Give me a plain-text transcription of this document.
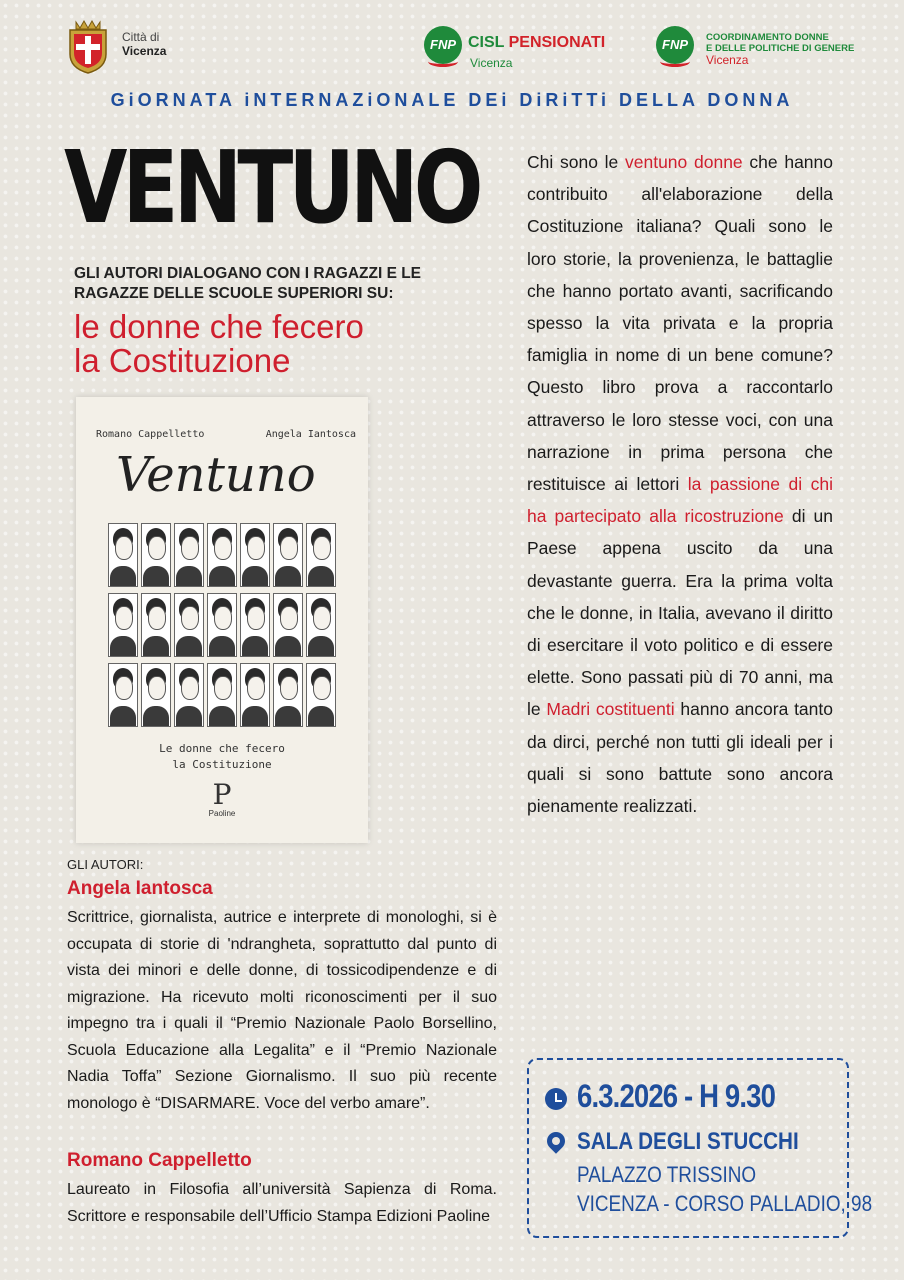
Città di
Vicenza	FNP CISL PENSIONATI
Vicenza
FNP	COORDINAMENTO DONNE
E DELLE POLITICHE DI GENERE
Vicenza
GiORNATA iNTERNAZiONALE DEi DiRiTTi DELLA DONNA
VENTUNO
GLI AUTORI DIALOGANO CON I RAGAZZI E LE RAGAZZE DELLE SCUOLE SUPERIORI SU:
le donne che fecero
la Costituzione
Romano Cappelletto	Angela Iantosca
Ventuno
Le donne che fecero
la Costituzione
P
Paoline
Chi sono le ventuno donne che hanno contribuito all'elaborazione della Costituzione italiana? Quali sono le loro storie, la provenienza, le battaglie che hanno portato avanti, sacrificando spesso la vita privata e la propria famiglia in nome di un bene comune? Questo libro prova a raccontarlo attraverso le loro stesse voci, con una narrazione in prima persona che restituisce ai lettori la passione di chi ha partecipato alla ricostruzione di un Paese appena uscito da una devastante guerra. Era la prima volta che le donne, in Italia, avevano il diritto di esercitare il voto politico e di essere elette. Sono passati più di 70 anni, ma le Madri costituenti hanno ancora tanto da dirci, perché non tutti gli ideali per i quali si sono battute sono ancora pienamente realizzati.
GLI AUTORI:
Angela Iantosca
Scrittrice, giornalista, autrice e interprete di monologhi, si è occupata di storie di 'ndrangheta, soprattutto dal punto di vista dei minori e delle donne, di tossicodipendenze e di migrazione. Ha ricevuto molti riconoscimenti per il suo impegno tra i quali il “Premio Nazionale Paolo Borsellino, Scuola Educazione alla Legalita” e il “Premio Nazionale Nadia Toffa” Sezione Giornalismo. Il suo più recente monologo è “DISARMARE. Voce del verbo amare”.
Romano Cappelletto
Laureato in Filosofia all’università Sapienza di Roma. Scrittore e responsabile dell’Ufficio Stampa Edizioni Paoline
6.3.2026 - H 9.30
SALA DEGLI STUCCHI
PALAZZO TRISSINO
VICENZA - CORSO PALLADIO, 98
